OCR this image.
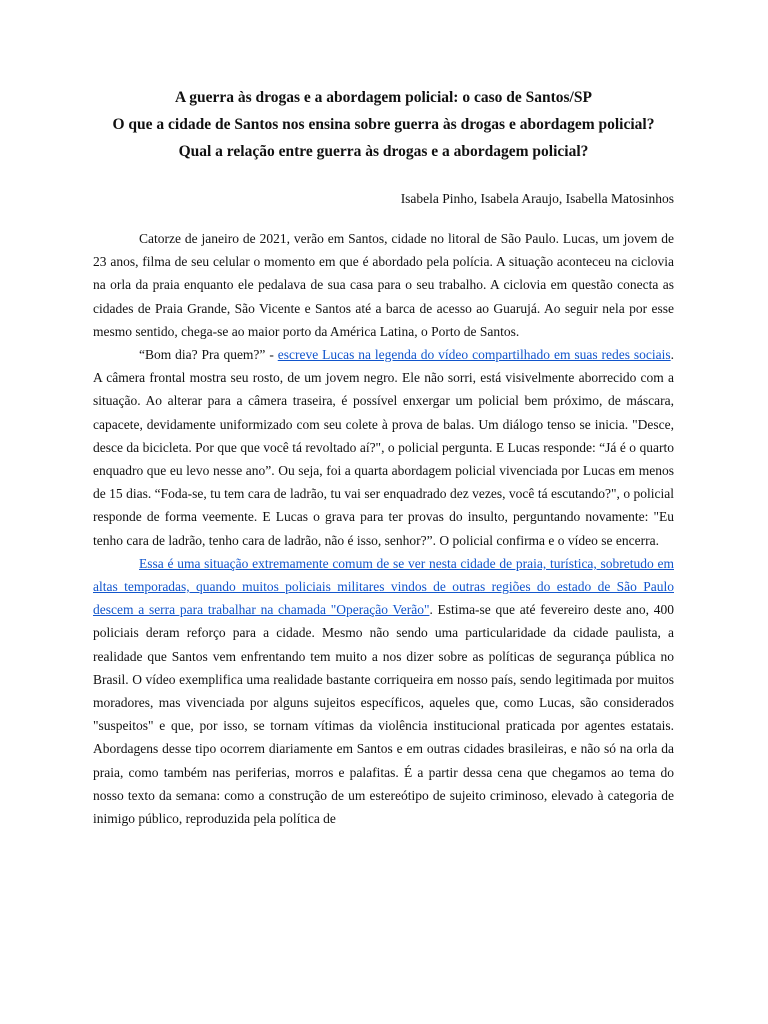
A guerra às drogas e a abordagem policial: o caso de Santos/SP
O que a cidade de Santos nos ensina sobre guerra às drogas e abordagem policial?
Qual a relação entre guerra às drogas e a abordagem policial?
Isabela Pinho, Isabela Araujo, Isabella Matosinhos

Catorze de janeiro de 2021, verão em Santos, cidade no litoral de São Paulo. Lucas, um jovem de 23 anos, filma de seu celular o momento em que é abordado pela polícia. A situação aconteceu na ciclovia na orla da praia enquanto ele pedalava de sua casa para o seu trabalho. A ciclovia em questão conecta as cidades de Praia Grande, São Vicente e Santos até a barca de acesso ao Guarujá. Ao seguir nela por esse mesmo sentido, chega-se ao maior porto da América Latina, o Porto de Santos.

“Bom dia? Pra quem?” - escreve Lucas na legenda do vídeo compartilhado em suas redes sociais. A câmera frontal mostra seu rosto, de um jovem negro. Ele não sorri, está visivelmente aborrecido com a situação. Ao alterar para a câmera traseira, é possível enxergar um policial bem próximo, de máscara, capacete, devidamente uniformizado com seu colete à prova de balas. Um diálogo tenso se inicia. "Desce, desce da bicicleta. Por que que você tá revoltado aí?", o policial pergunta. E Lucas responde: “Já é o quarto enquadro que eu levo nesse ano”. Ou seja, foi a quarta abordagem policial vivenciada por Lucas em menos de 15 dias. “Foda-se, tu tem cara de ladrão, tu vai ser enquadrado dez vezes, você tá escutando?", o policial responde de forma veemente. E Lucas o grava para ter provas do insulto, perguntando novamente: "Eu tenho cara de ladrão, tenho cara de ladrão, não é isso, senhor?”. O policial confirma e o vídeo se encerra.

Essa é uma situação extremamente comum de se ver nesta cidade de praia, turística, sobretudo em altas temporadas, quando muitos policiais militares vindos de outras regiões do estado de São Paulo descem a serra para trabalhar na chamada "Operação Verão". Estima-se que até fevereiro deste ano, 400 policiais deram reforço para a cidade. Mesmo não sendo uma particularidade da cidade paulista, a realidade que Santos vem enfrentando tem muito a nos dizer sobre as políticas de segurança pública no Brasil. O vídeo exemplifica uma realidade bastante corriqueira em nosso país, sendo legitimada por muitos moradores, mas vivenciada por alguns sujeitos específicos, aqueles que, como Lucas, são considerados "suspeitos" e que, por isso, se tornam vítimas da violência institucional praticada por agentes estatais. Abordagens desse tipo ocorrem diariamente em Santos e em outras cidades brasileiras, e não só na orla da praia, como também nas periferias, morros e palafitas. É a partir dessa cena que chegamos ao tema do nosso texto da semana: como a construção de um estereótipo de sujeito criminoso, elevado à categoria de inimigo público, reproduzida pela política de
